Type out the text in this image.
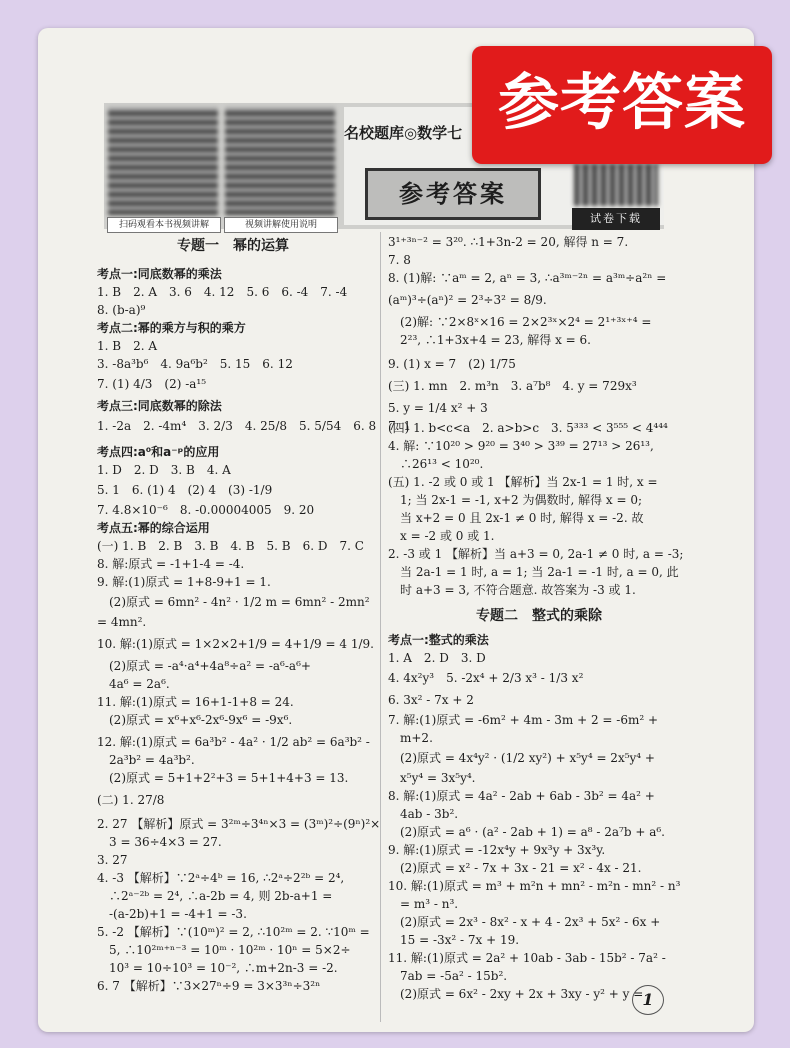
扫码观看本书视频讲解	视频讲解使用说明
名校题库◎数学七
参考答案
试卷下载
专题一　幂的运算
考点一:同底数幂的乘法
1. B　2. A　3. 6　4. 12　5. 6　6. -4　7. -4
8. (b-a)⁹
考点二:幂的乘方与积的乘方
1. B　2. A
3. -8a³b⁶　4. 9a⁶b²　5. 15　6. 12
7. (1) 4/3　(2) -a¹⁵
考点三:同底数幂的除法
1. -2a　2. -4m⁴　3. 2/3　4. 25/8　5. 5/54　6. 8　7. 1
考点四:a⁰和a⁻ᵖ的应用
1. D　2. D　3. B　4. A
5. 1　6. (1) 4　(2) 4　(3) -1/9
7. 4.8×10⁻⁶　8. -0.00004005　9. 20
考点五:幂的综合运用
(一) 1. B　2. B　3. B　4. B　5. B　6. D　7. C
8. 解:原式 = -1+1-4 = -4.
9. 解:(1)原式 = 1+8-9+1 = 1.
　(2)原式 = 6mn² - 4n² · 1/2 m = 6mn² - 2mn²
= 4mn².
10. 解:(1)原式 = 1×2×2+1/9 = 4+1/9 = 4 1/9.
　(2)原式 = -a⁴·a⁴+4a⁸÷a² = -a⁶-a⁶+
　4a⁶ = 2a⁶.
11. 解:(1)原式 = 16+1-1+8 = 24.
　(2)原式 = x⁶+x⁶-2x⁶-9x⁶ = -9x⁶.
12. 解:(1)原式 = 6a³b² - 4a² · 1/2 ab² = 6a³b² -
　2a³b² = 4a³b².
　(2)原式 = 5+1+2²+3 = 5+1+4+3 = 13.
(二) 1. 27/8
2. 27 【解析】原式 = 3²ᵐ÷3⁴ⁿ×3 = (3ᵐ)²÷(9ⁿ)²×
　3 = 36÷4×3 = 27.
3. 27
4. -3 【解析】∵2ᵃ÷4ᵇ = 16, ∴2ᵃ÷2²ᵇ = 2⁴,
　∴2ᵃ⁻²ᵇ = 2⁴, ∴a-2b = 4, 则 2b-a+1 =
　-(a-2b)+1 = -4+1 = -3.
5. -2 【解析】∵(10ᵐ)² = 2, ∴10²ᵐ = 2. ∵10ᵐ =
　5, ∴10²ᵐ⁺ⁿ⁻³ = 10ᵐ · 10²ᵐ · 10ⁿ = 5×2÷
　10³ = 10÷10³ = 10⁻², ∴m+2n-3 = -2.
6. 7 【解析】∵3×27ⁿ÷9 = 3×3³ⁿ÷3²ⁿ
3¹⁺³ⁿ⁻² = 3²⁰. ∴1+3n-2 = 20, 解得 n = 7.
7. 8
8. (1)解: ∵aᵐ = 2, aⁿ = 3, ∴a³ᵐ⁻²ⁿ = a³ᵐ÷a²ⁿ =
(aᵐ)³÷(aⁿ)² = 2³÷3² = 8/9.
　(2)解: ∵2×8ˣ×16 = 2×2³ˣ×2⁴ = 2¹⁺³ˣ⁺⁴ =
　2²³, ∴1+3x+4 = 23, 解得 x = 6.
9. (1) x = 7　(2) 1/75
(三) 1. mn　2. m³n　3. a⁷b⁸　4. y = 729x³
5. y = 1/4 x² + 3
(四) 1. b<c<a　2. a>b>c　3. 5³³³ < 3⁵⁵⁵ < 4⁴⁴⁴
4. 解: ∵10²⁰ > 9²⁰ = 3⁴⁰ > 3³⁹ = 27¹³ > 26¹³,
　∴26¹³ < 10²⁰.
(五) 1. -2 或 0 或 1 【解析】当 2x-1 = 1 时, x =
　1; 当 2x-1 = -1, x+2 为偶数时, 解得 x = 0;
　当 x+2 = 0 且 2x-1 ≠ 0 时, 解得 x = -2. 故
　x = -2 或 0 或 1.
2. -3 或 1 【解析】当 a+3 = 0, 2a-1 ≠ 0 时, a = -3;
　当 2a-1 = 1 时, a = 1; 当 2a-1 = -1 时, a = 0, 此
　时 a+3 = 3, 不符合题意. 故答案为 -3 或 1.
专题二　整式的乘除
考点一:整式的乘法
1. A　2. D　3. D
4. 4x²y³　5. -2x⁴ + 2/3 x³ - 1/3 x²
6. 3x² - 7x + 2
7. 解:(1)原式 = -6m² + 4m - 3m + 2 = -6m² +
　m+2.
　(2)原式 = 4x⁴y² · (1/2 xy²) + x⁵y⁴ = 2x⁵y⁴ +
　x⁵y⁴ = 3x⁵y⁴.
8. 解:(1)原式 = 4a² - 2ab + 6ab - 3b² = 4a² +
　4ab - 3b².
　(2)原式 = a⁶ · (a² - 2ab + 1) = a⁸ - 2a⁷b + a⁶.
9. 解:(1)原式 = -12x⁴y + 9x³y + 3x³y.
　(2)原式 = x² - 7x + 3x - 21 = x² - 4x - 21.
10. 解:(1)原式 = m³ + m²n + mn² - m²n - mn² - n³
　= m³ - n³.
　(2)原式 = 2x³ - 8x² - x + 4 - 2x³ + 5x² - 6x +
　15 = -3x² - 7x + 19.
11. 解:(1)原式 = 2a² + 10ab - 3ab - 15b² - 7a² -
　7ab = -5a² - 15b².
　(2)原式 = 6x² - 2xy + 2x + 3xy - y² + y = 1
参考答案
